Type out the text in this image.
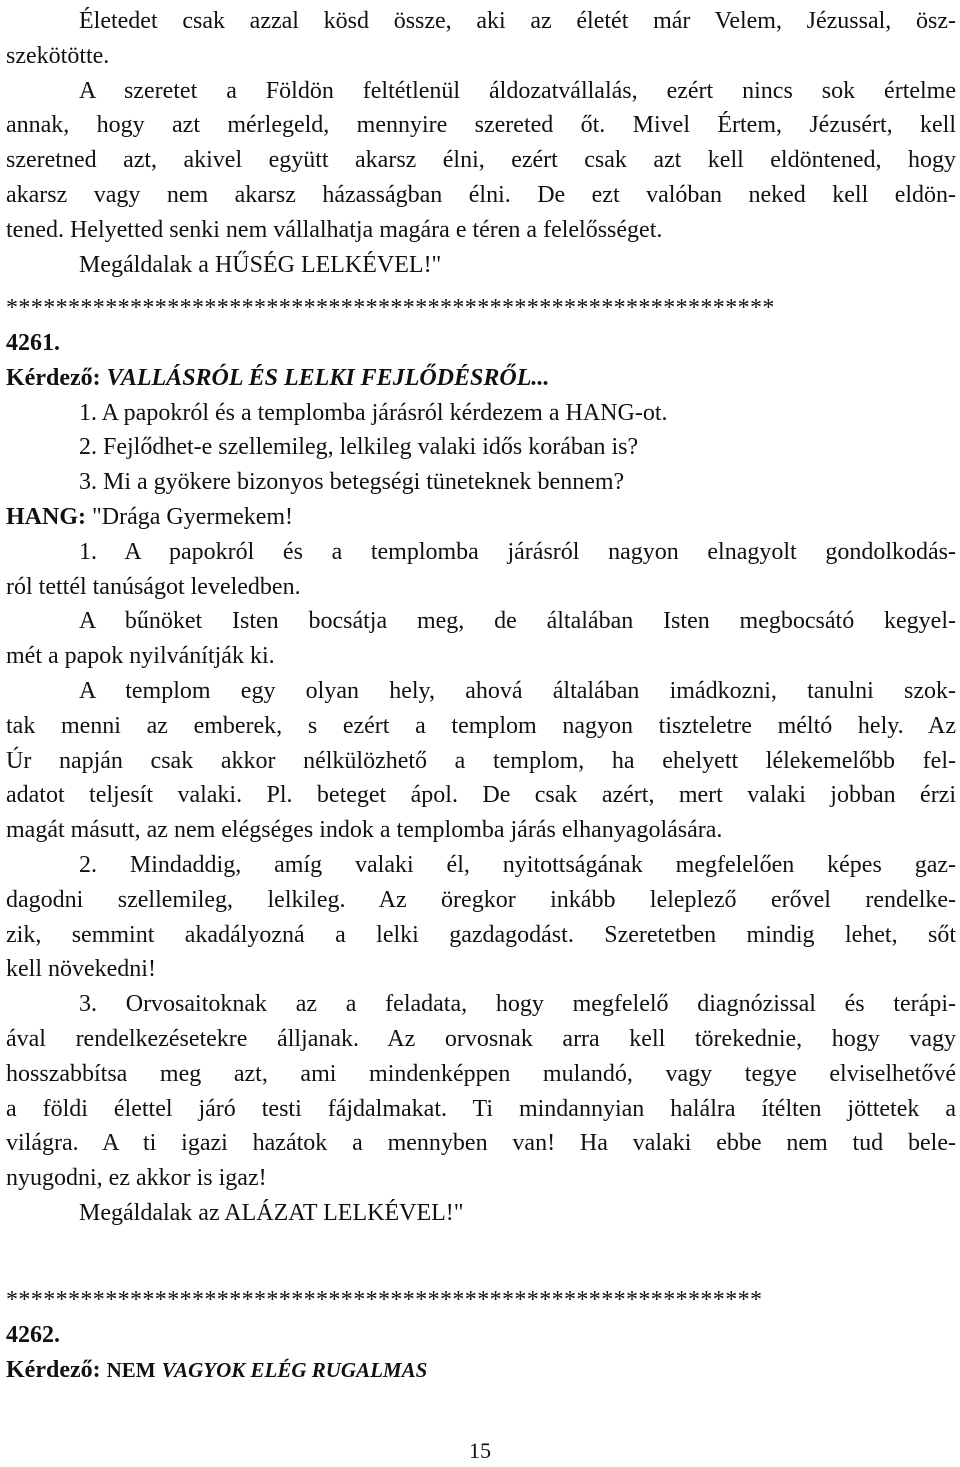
Életedet csak azzal kösd össze, aki az életét már Velem, Jézussal, ösz-
szekötötte.
A szeretet a Földön feltétlenül áldozatvállalás, ezért nincs sok értelme
annak, hogy azt mérlegeld, mennyire szereted őt. Mivel Értem, Jézusért, kell
szeretned azt, akivel együtt akarsz élni, ezért csak azt kell eldöntened, hogy
akarsz vagy nem akarsz házasságban élni. De ezt valóban neked kell eldön-
tened. Helyetted senki nem vállalhatja magára e téren a felelősséget.
Megáldalak a HŰSÉG LELKÉVEL!"
**************************************************************
4261.
Kérdező: VALLÁSRÓL ÉS LELKI FEJLŐDÉSRŐL...
1. A papokról és a templomba járásról kérdezem a HANG-ot.
2. Fejlődhet-e szellemileg, lelkileg valaki idős korában is?
3. Mi a gyökere bizonyos betegségi tüneteknek bennem?
HANG: "Drága Gyermekem!
1. A papokról és a templomba járásról nagyon elnagyolt gondolkodás-
ról tettél tanúságot leveledben.
A bűnöket Isten bocsátja meg, de általában Isten megbocsátó kegyel-
mét a papok nyilvánítják ki.
A templom egy olyan hely, ahová általában imádkozni, tanulni szok-
tak menni az emberek, s ezért a templom nagyon tiszteletre méltó hely. Az
Úr napján csak akkor nélkülözhető a templom, ha ehelyett lélekemelőbb fel-
adatot teljesít valaki. Pl. beteget ápol. De csak azért, mert valaki jobban érzi
magát másutt, az nem elégséges indok a templomba járás elhanyagolására.
2. Mindaddig, amíg valaki él, nyitottságának megfelelően képes gaz-
dagodni szellemileg, lelkileg. Az öregkor inkább leleplező erővel rendelke-
zik, semmint akadályozná a lelki gazdagodást. Szeretetben mindig lehet, sőt
kell növekedni!
3. Orvosaitoknak az a feladata, hogy megfelelő diagnózissal és terápi-
ával rendelkezésetekre álljanak. Az orvosnak arra kell törekednie, hogy vagy
hosszabbítsa meg azt, ami mindenképpen mulandó, vagy tegye elviselhetővé
a földi élettel járó testi fájdalmakat. Ti mindannyian halálra ítélten jöttetek a
világra. A ti igazi hazátok a mennyben van! Ha valaki ebbe nem tud bele-
nyugodni, ez akkor is igaz!
Megáldalak az ALÁZAT LELKÉVEL!"
*************************************************************
4262.
Kérdező: NEM VAGYOK ELÉG RUGALMAS
15
